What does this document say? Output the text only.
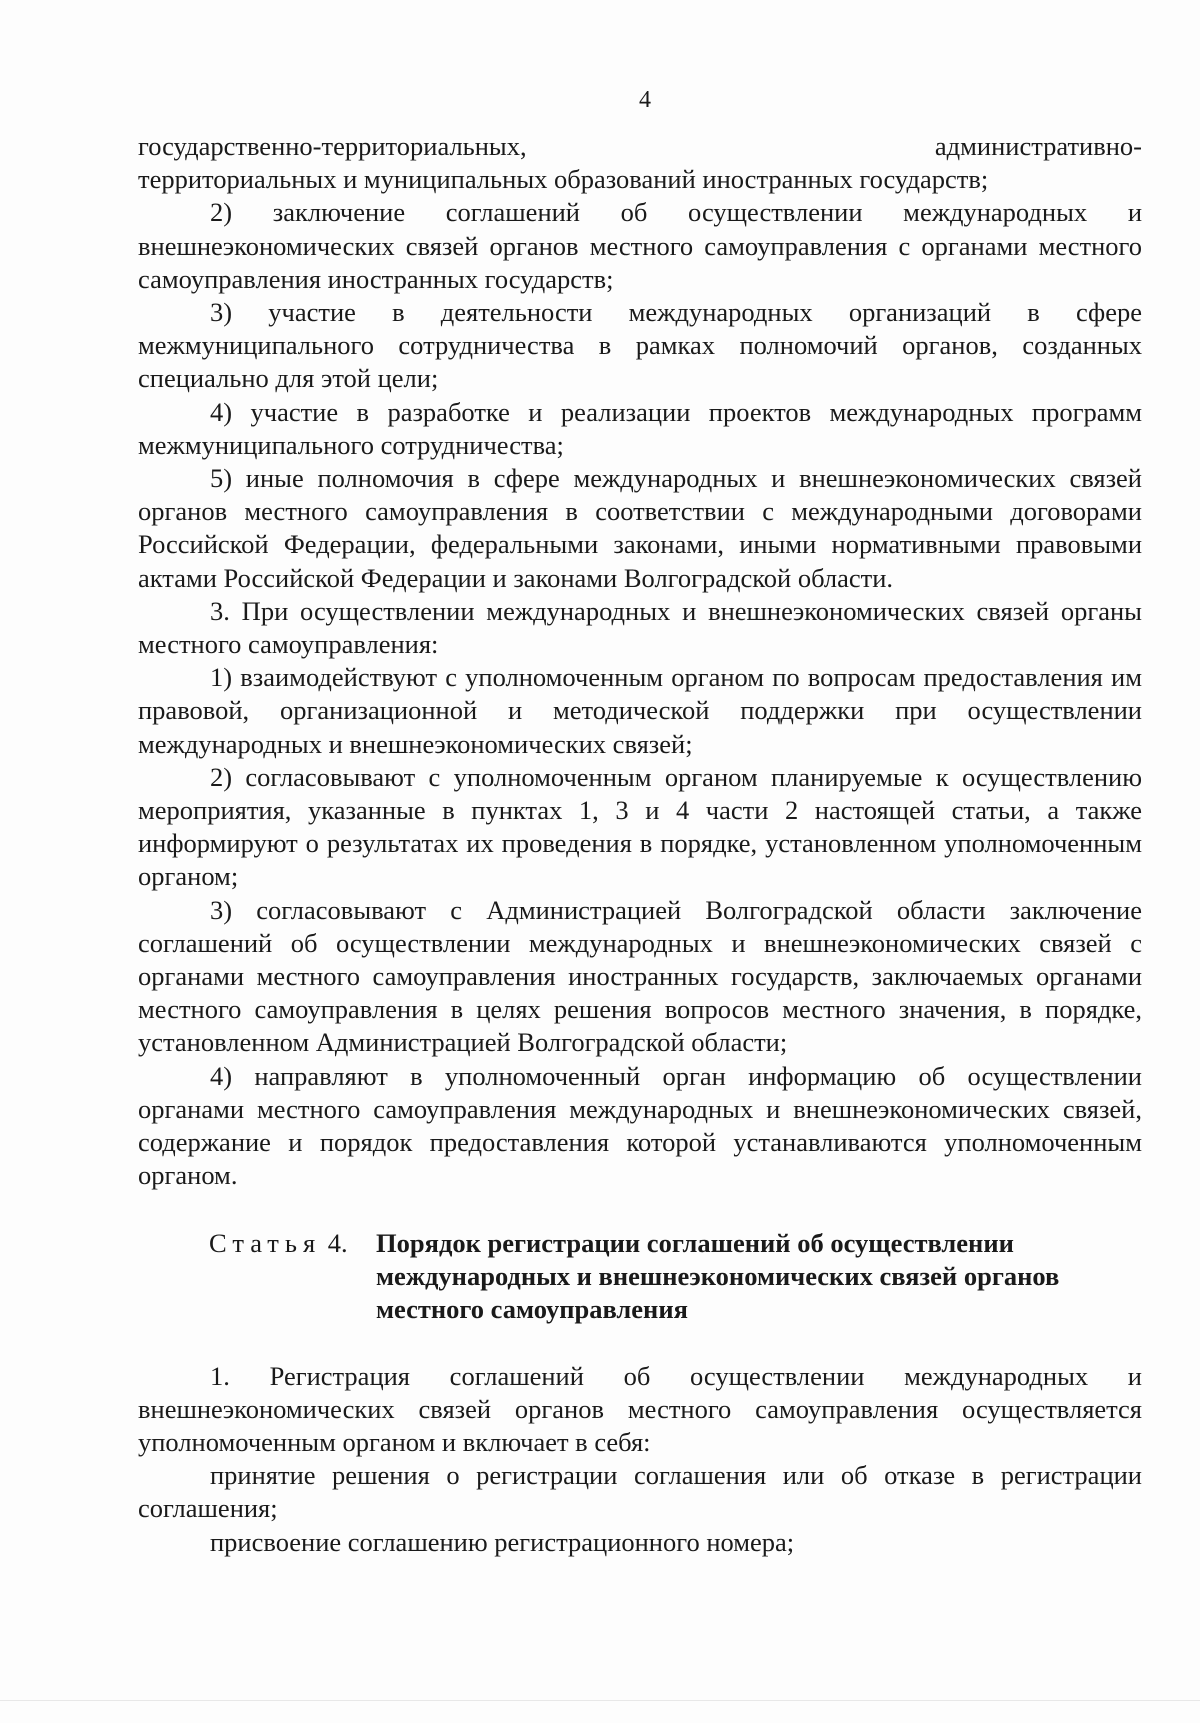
4

государственно-территориальных,                                    административно-территориальных и муниципальных образований иностранных государств;

2) заключение соглашений об осуществлении международных и внешнеэкономических связей органов местного самоуправления с органами местного самоуправления иностранных государств;

3) участие в деятельности международных организаций в сфере межмуниципального сотрудничества в рамках полномочий органов, созданных специально для этой цели;

4) участие в разработке и реализации проектов международных программ межмуниципального сотрудничества;

5) иные полномочия в сфере международных и внешнеэкономических связей органов местного самоуправления в соответствии с международными договорами Российской Федерации, федеральными законами, иными нормативными правовыми актами Российской Федерации и законами Волгоградской области.

3. При осуществлении международных и внешнеэкономических связей органы местного самоуправления:

1) взаимодействуют с уполномоченным органом по вопросам предоставления им правовой, организационной и методической поддержки при осуществлении международных и внешнеэкономических связей;

2) согласовывают с уполномоченным органом планируемые к осуществлению мероприятия, указанные в пунктах 1, 3 и 4 части 2 настоящей статьи, а также информируют о результатах их проведения в порядке, установленном уполномоченным органом;

3) согласовывают с Администрацией Волгоградской области заключение соглашений об осуществлении международных и внешнеэкономических связей с органами местного самоуправления иностранных государств, заключаемых органами местного самоуправления в целях решения вопросов местного значения, в порядке, установленном Администрацией Волгоградской области;

4) направляют в уполномоченный орган информацию об осуществлении органами местного самоуправления международных и внешнеэкономических связей, содержание и порядок предоставления которой устанавливаются уполномоченным органом.

Статья 4. Порядок регистрации соглашений об осуществлении международных и внешнеэкономических связей органов местного самоуправления

1. Регистрация соглашений об осуществлении международных и внешнеэкономических связей органов местного самоуправления осуществляется уполномоченным органом и включает в себя:

принятие решения о регистрации соглашения или об отказе в регистрации соглашения;

присвоение соглашению регистрационного номера;
